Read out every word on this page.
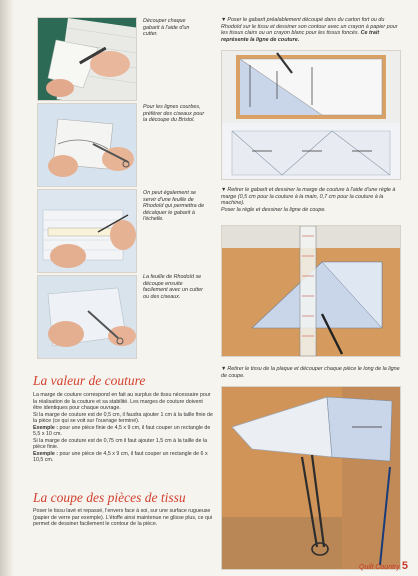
Découper chaque gabarit à l'aide d'un cutter.
Pour les lignes courbes, préférer des ciseaux pour la découpe du Bristol.
On peut également se servir d'une feuille de Rhodoïd qui permettra de décalquer le gabarit à l'échelle.
La feuille de Rhodoïd se découpe ensuite facilement avec un cutter ou des ciseaux.
▼Poser le gabarit préalablement découpé dans du carton fort ou du Rhodoïd sur le tissu et dessiner son contour avec un crayon à papier pour les tissus clairs ou un crayon blanc pour les tissus foncés. Ce trait représente la ligne de couture.
▼Retirer le gabarit et dessiner la marge de couture à l'aide d'une règle à marge (0,5 cm pour la couture à la main, 0,7 cm pour la couture à la machine).
Poser la règle et dessiner la ligne de coupe.
▼Retirer le tissu de la plaque et découper chaque pièce le long de la ligne de coupe.
La valeur de couture

La marge de couture correspond en fait au surplus de tissu nécessaire pour la réalisation de la couture et sa stabilité. Les marges de couture doivent être identiques pour chaque ouvrage.

Si la marge de couture est de 0,5 cm, il faudra ajouter 1 cm à la taille finie de la pièce (ce qui se voit sur l'ouvrage terminé).

Exemple : pour une pièce finie de 4,5 x 9 cm, il faut couper un rectangle de 5,5 x 10 cm.

Si la marge de couture est de 0,75 cm il faut ajouter 1,5 cm à la taille de la pièce finie.

Exemple : pour une pièce de 4,5 x 9 cm, il faut couper un rectangle de 6 x 10,5 cm.

La coupe des pièces de tissu

Poser le tissu lavé et repassé, l'envers face à soi, sur une surface rugueuse (papier de verre par exemple). L'étoffe ainsi maintenue ne glisse plus, ce qui permet de dessiner facilement le contour de la pièce.

Quilt Country 5
